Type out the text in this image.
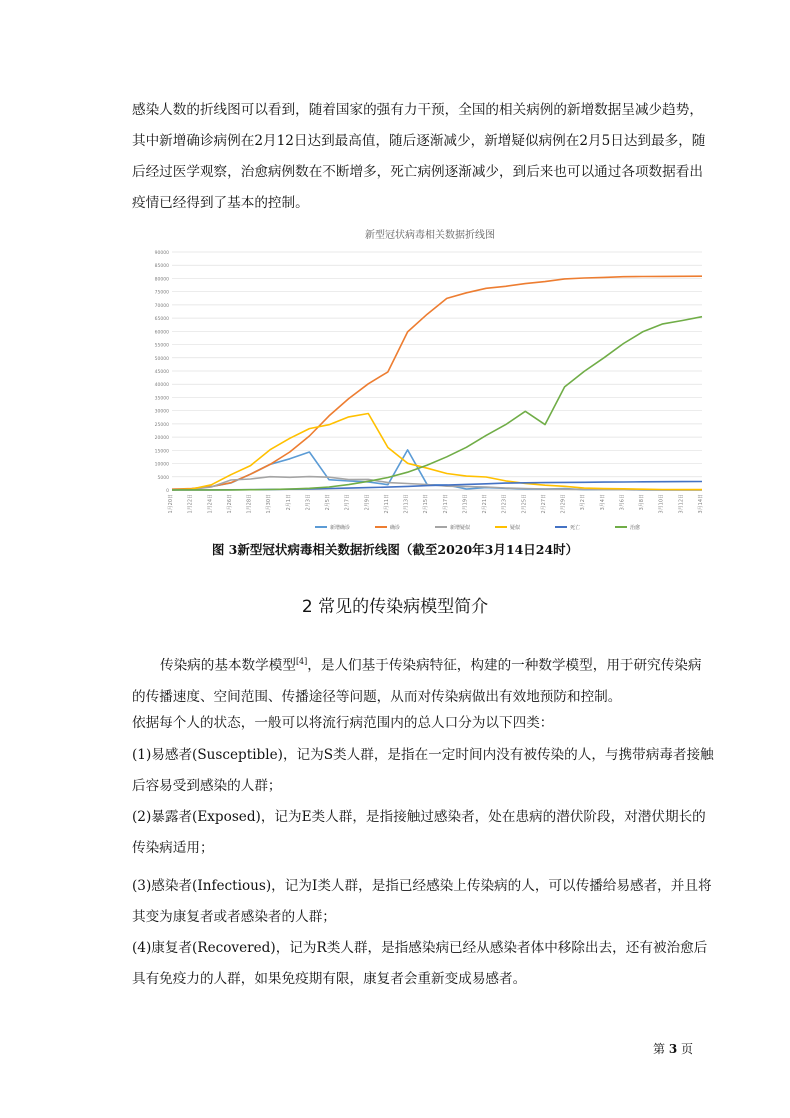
感染人数的折线图可以看到，随着国家的强有力干预，全国的相关病例的新增数据呈减少趋势，其中新增确诊病例在2月12日达到最高值，随后逐渐减少，新增疑似病例在2月5日达到最多，随后经过医学观察，治愈病例数在不断增多，死亡病例逐渐减少，到后来也可以通过各项数据看出疫情已经得到了基本的控制。

新型冠状病毒相关数据折线图
0
5000
10000
15000
20000
25000
30000
35000
40000
45000
50000
55000
60000
65000
70000
75000
80000
85000
90000
1月20日	1月22日	1月24日	1月26日	1月28日	1月30日	2月1日	2月3日	2月5日	2月7日	2月9日	2月11日	2月13日	2月15日	2月17日	2月19日	2月21日	2月23日	2月25日	2月27日	2月29日	3月2日	3月4日	3月6日	3月8日	3月10日	3月12日	3月14日
新增确诊	确诊	新增疑似	疑似	死亡	治愈
图 3新型冠状病毒相关数据折线图（截至2020年3月14日24时）
2 常见的传染病模型简介

传染病的基本数学模型[4]，是人们基于传染病特征，构建的一种数学模型，用于研究传染病的传播速度、空间范围、传播途径等问题，从而对传染病做出有效地预防和控制。

依据每个人的状态，一般可以将流行病范围内的总人口分为以下四类：

(1)易感者(Susceptible)，记为S类人群，是指在一定时间内没有被传染的人，与携带病毒者接触后容易受到感染的人群；

(2)暴露者(Exposed)，记为E类人群，是指接触过感染者，处在患病的潜伏阶段，对潜伏期长的传染病适用；

(3)感染者(Infectious)，记为I类人群，是指已经感染上传染病的人，可以传播给易感者，并且将其变为康复者或者感染者的人群；

(4)康复者(Recovered)，记为R类人群，是指感染病已经从感染者体中移除出去，还有被治愈后具有免疫力的人群，如果免疫期有限，康复者会重新变成易感者。

第 3 页
